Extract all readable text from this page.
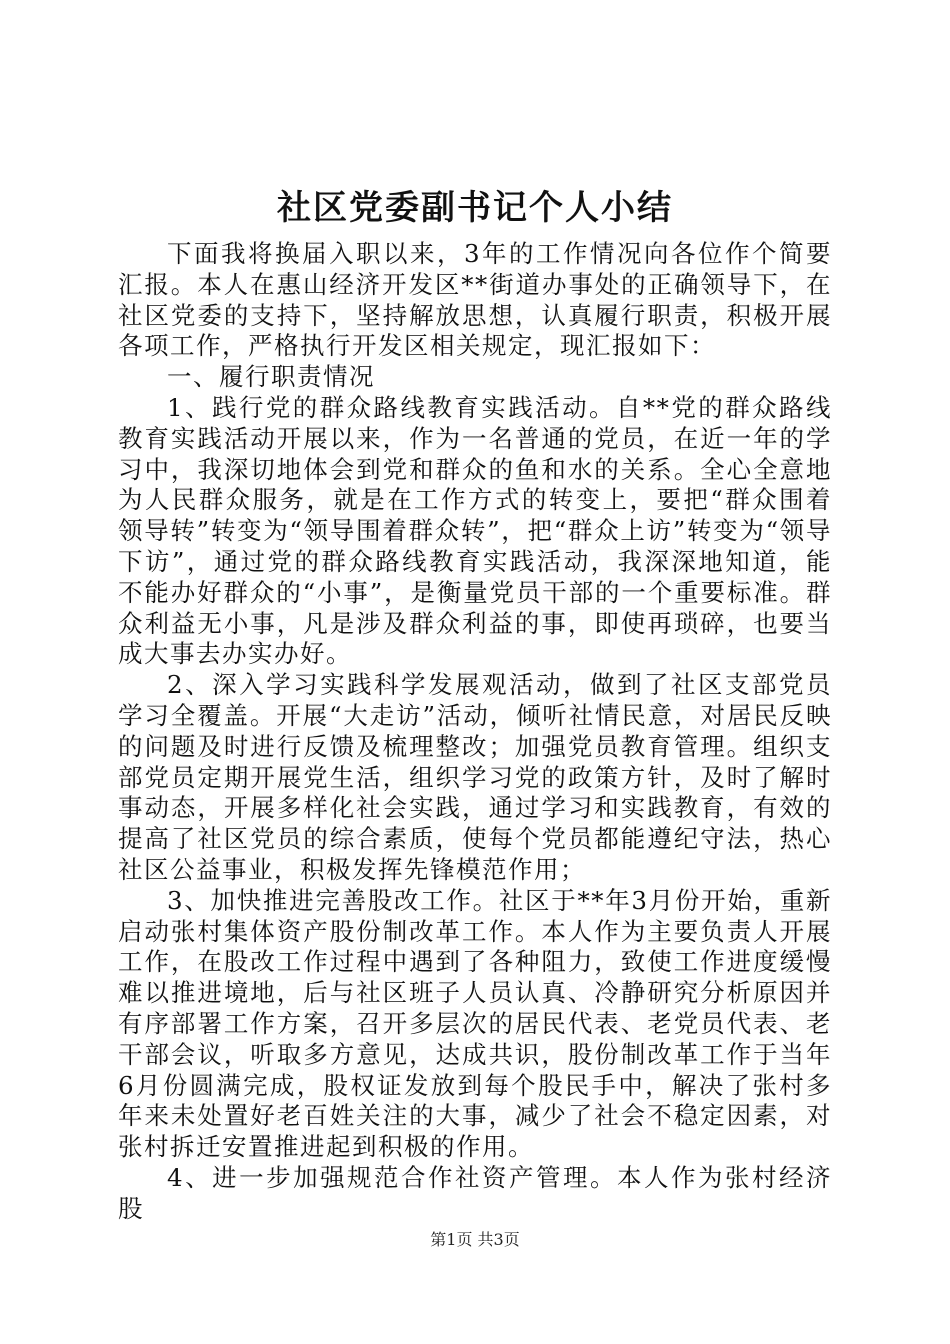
社区党委副书记个人小结

下面我将换届入职以来，3年的工作情况向各位作个简要汇报。本人在惠山经济开发区**街道办事处的正确领导下，在社区党委的支持下，坚持解放思想，认真履行职责，积极开展各项工作，严格执行开发区相关规定，现汇报如下：

一、履行职责情况

1、践行党的群众路线教育实践活动。自**党的群众路线教育实践活动开展以来，作为一名普通的党员，在近一年的学习中，我深切地体会到党和群众的鱼和水的关系。全心全意地为人民群众服务，就是在工作方式的转变上，要把“群众围着领导转”转变为“领导围着群众转”，把“群众上访”转变为“领导下访”，通过党的群众路线教育实践活动，我深深地知道，能不能办好群众的“小事”，是衡量党员干部的一个重要标准。群众利益无小事，凡是涉及群众利益的事，即使再琐碎，也要当成大事去办实办好。

2、深入学习实践科学发展观活动，做到了社区支部党员学习全覆盖。开展“大走访”活动，倾听社情民意，对居民反映的问题及时进行反馈及梳理整改；加强党员教育管理。组织支部党员定期开展党生活，组织学习党的政策方针，及时了解时事动态，开展多样化社会实践，通过学习和实践教育，有效的提高了社区党员的综合素质，使每个党员都能遵纪守法，热心社区公益事业，积极发挥先锋模范作用；

3、加快推进完善股改工作。社区于**年3月份开始，重新启动张村集体资产股份制改革工作。本人作为主要负责人开展工作，在股改工作过程中遇到了各种阻力，致使工作进度缓慢难以推进境地，后与社区班子人员认真、冷静研究分析原因并有序部署工作方案，召开多层次的居民代表、老党员代表、老干部会议，听取多方意见，达成共识，股份制改革工作于当年6月份圆满完成，股权证发放到每个股民手中，解决了张村多年来未处置好老百姓关注的大事，减少了社会不稳定因素，对张村拆迁安置推进起到积极的作用。

4、进一步加强规范合作社资产管理。本人作为张村经济股

第1页 共3页
